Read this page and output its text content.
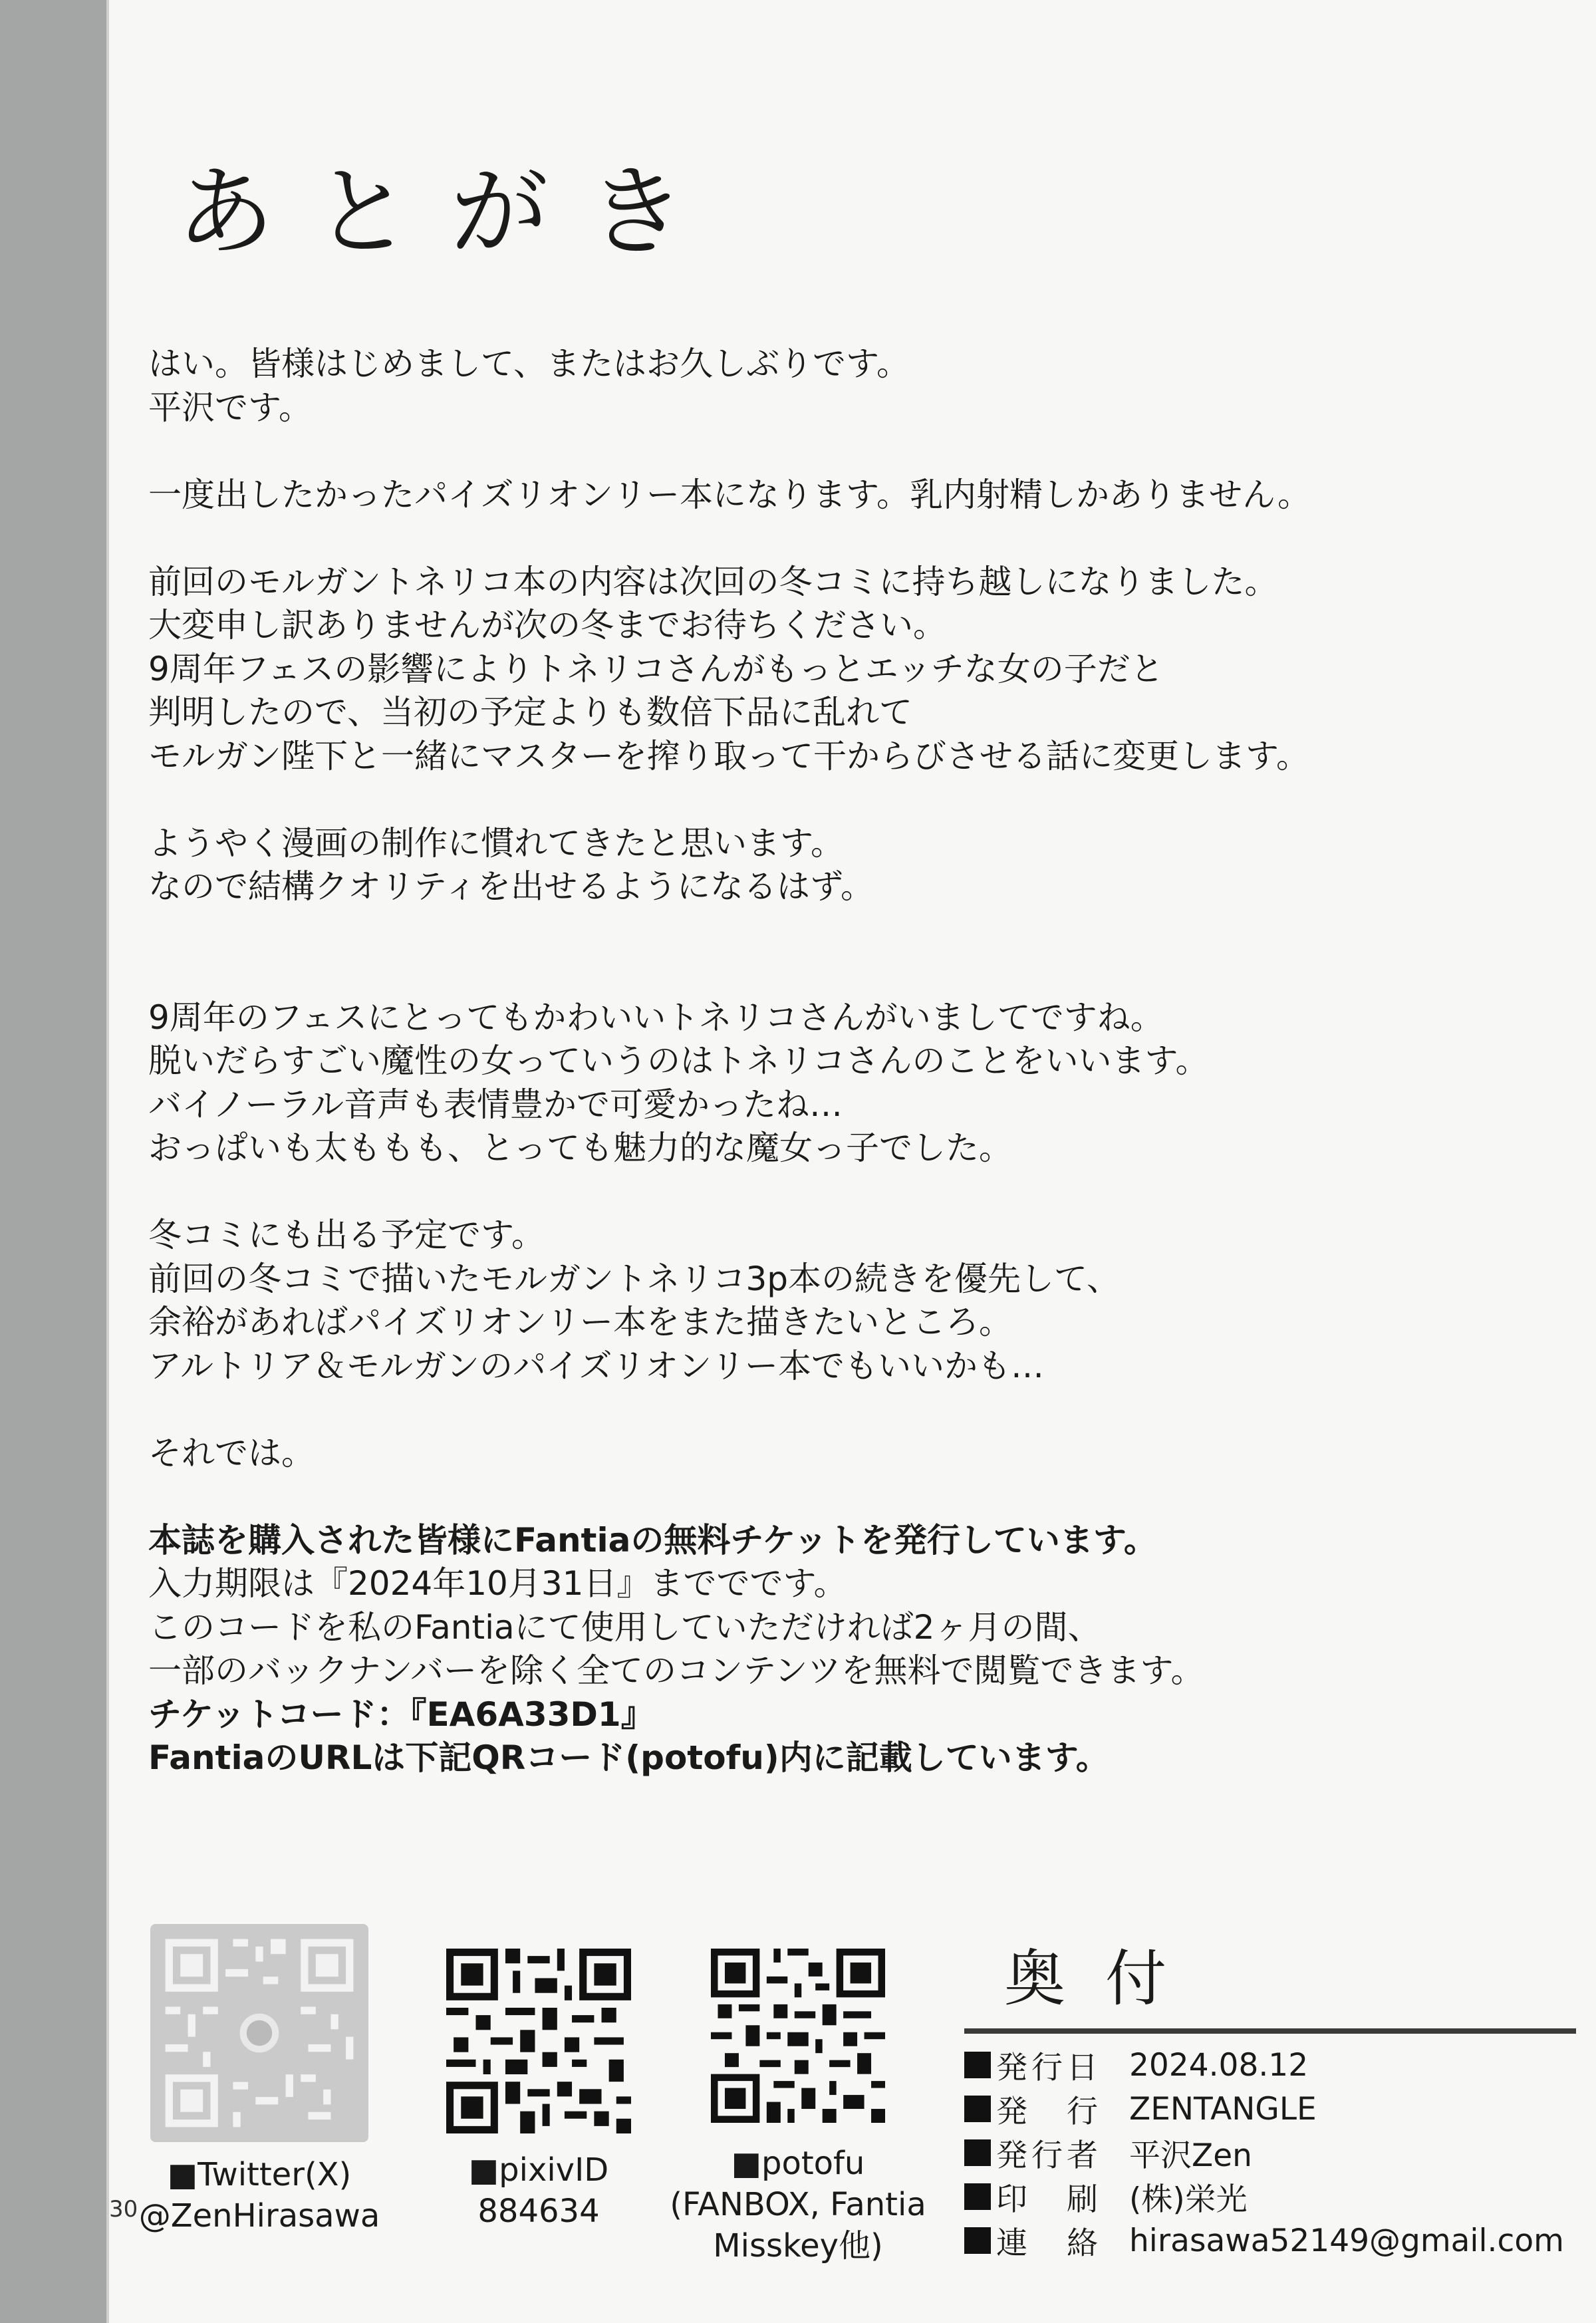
あとがき
はい。皆様はじめまして、またはお久しぶりです。
平沢です。
一度出したかったパイズリオンリー本になります。乳内射精しかありません。
前回のモルガントネリコ本の内容は次回の冬コミに持ち越しになりました。
大変申し訳ありませんが次の冬までお待ちください。
9周年フェスの影響によりトネリコさんがもっとエッチな女の子だと
判明したので、当初の予定よりも数倍下品に乱れて
モルガン陛下と一緒にマスターを搾り取って干からびさせる話に変更します。
ようやく漫画の制作に慣れてきたと思います。
なので結構クオリティを出せるようになるはず。
9周年のフェスにとってもかわいいトネリコさんがいましてですね。
脱いだらすごい魔性の女っていうのはトネリコさんのことをいいます。
バイノーラル音声も表情豊かで可愛かったね…
おっぱいも太ももも、とっても魅力的な魔女っ子でした。
冬コミにも出る予定です。
前回の冬コミで描いたモルガントネリコ3p本の続きを優先して、
余裕があればパイズリオンリー本をまた描きたいところ。
アルトリア＆モルガンのパイズリオンリー本でもいいかも…
それでは。
本誌を購入された皆様にFantiaの無料チケットを発行しています。
入力期限は『2024年10月31日』まででです。
このコードを私のFantiaにて使用していただければ2ヶ月の間、
一部のバックナンバーを除く全てのコンテンツを無料で閲覧できます。
チケットコード：『EA6A33D1』
FantiaのURLは下記QRコード(potofu)内に記載しています。
■Twitter(X)
@ZenHirasawa
■pixivID
884634
■potofu
(FANBOX, Fantia
Misskey他)
30
奥付
発行日 2024.08.12
発　行 ZENTANGLE
発行者 平沢Zen
印　刷 (株)栄光
連　絡 hirasawa52149@gmail.com
